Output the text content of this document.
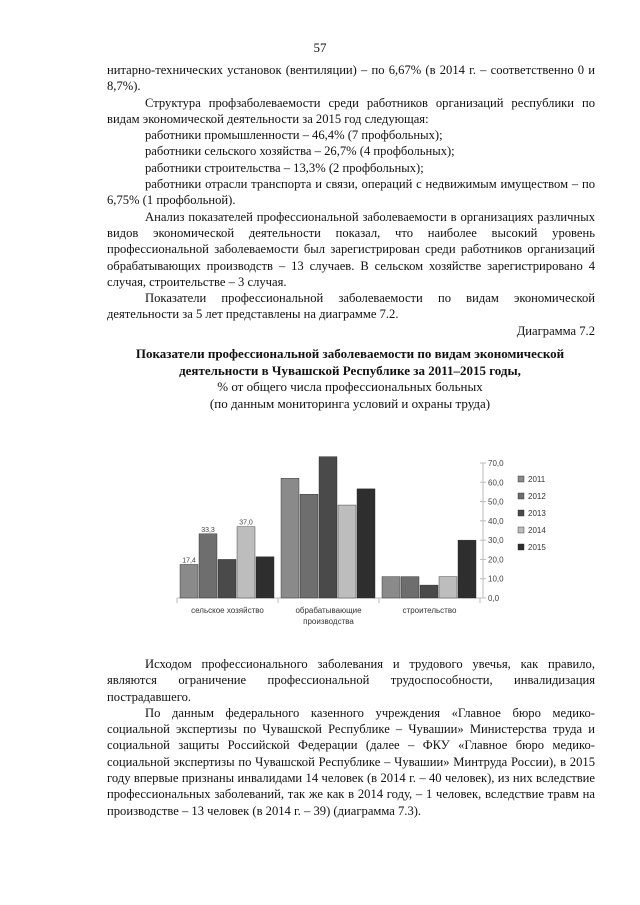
57

нитарно-технических установок (вентиляции) – по 6,67% (в 2014 г. – соответственно 0 и 8,7%).

Структура профзаболеваемости среди работников организаций республики по видам экономической деятельности за 2015 год следующая:

работники промышленности – 46,4% (7 профбольных);

работники сельского хозяйства – 26,7% (4 профбольных);

работники строительства – 13,3% (2 профбольных);

работники отрасли транспорта и связи, операций с недвижимым имуществом – по 6,75% (1 профбольной).

Анализ показателей профессиональной заболеваемости в организациях различных видов экономической деятельности показал, что наиболее высокий уровень профессиональной заболеваемости был зарегистрирован среди работников организаций обрабатывающих производств – 13 случаев. В сельском хозяйстве зарегистрировано 4 случая, строительстве – 3 случая.

Показатели профессиональной заболеваемости по видам экономической деятельности за 5 лет представлены на диаграмме 7.2.

Диаграмма 7.2

Показатели профессиональной заболеваемости по видам экономической
деятельности в Чувашской Республике за 2011–2015 годы,
% от общего числа профессиональных больных
(по данным мониторинга условий и охраны труда)
0,0
10,0
20,0
30,0
40,0
50,0
60,0
70,0
сельское хозяйство	обрабатывающие
производства
строительство
17,4
33,3
37,0
2011
2012
2013
2014
2015

Исходом профессионального заболевания и трудового увечья, как правило, являются ограничение профессиональной трудоспособности, инвалидизация пострадавшего.

По данным федерального казенного учреждения «Главное бюро медико-социальной экспертизы по Чувашской Республике – Чувашии» Министерства труда и социальной защиты Российской Федерации (далее – ФКУ «Главное бюро медико-социальной экспертизы по Чувашской Республике – Чувашии» Минтруда России), в 2015 году впервые признаны инвалидами 14 человек (в 2014 г. – 40 человек), из них вследствие профессиональных заболеваний, так же как в 2014 году, – 1 человек, вследствие травм на производстве – 13 человек (в 2014 г. – 39) (диаграмма 7.3).
